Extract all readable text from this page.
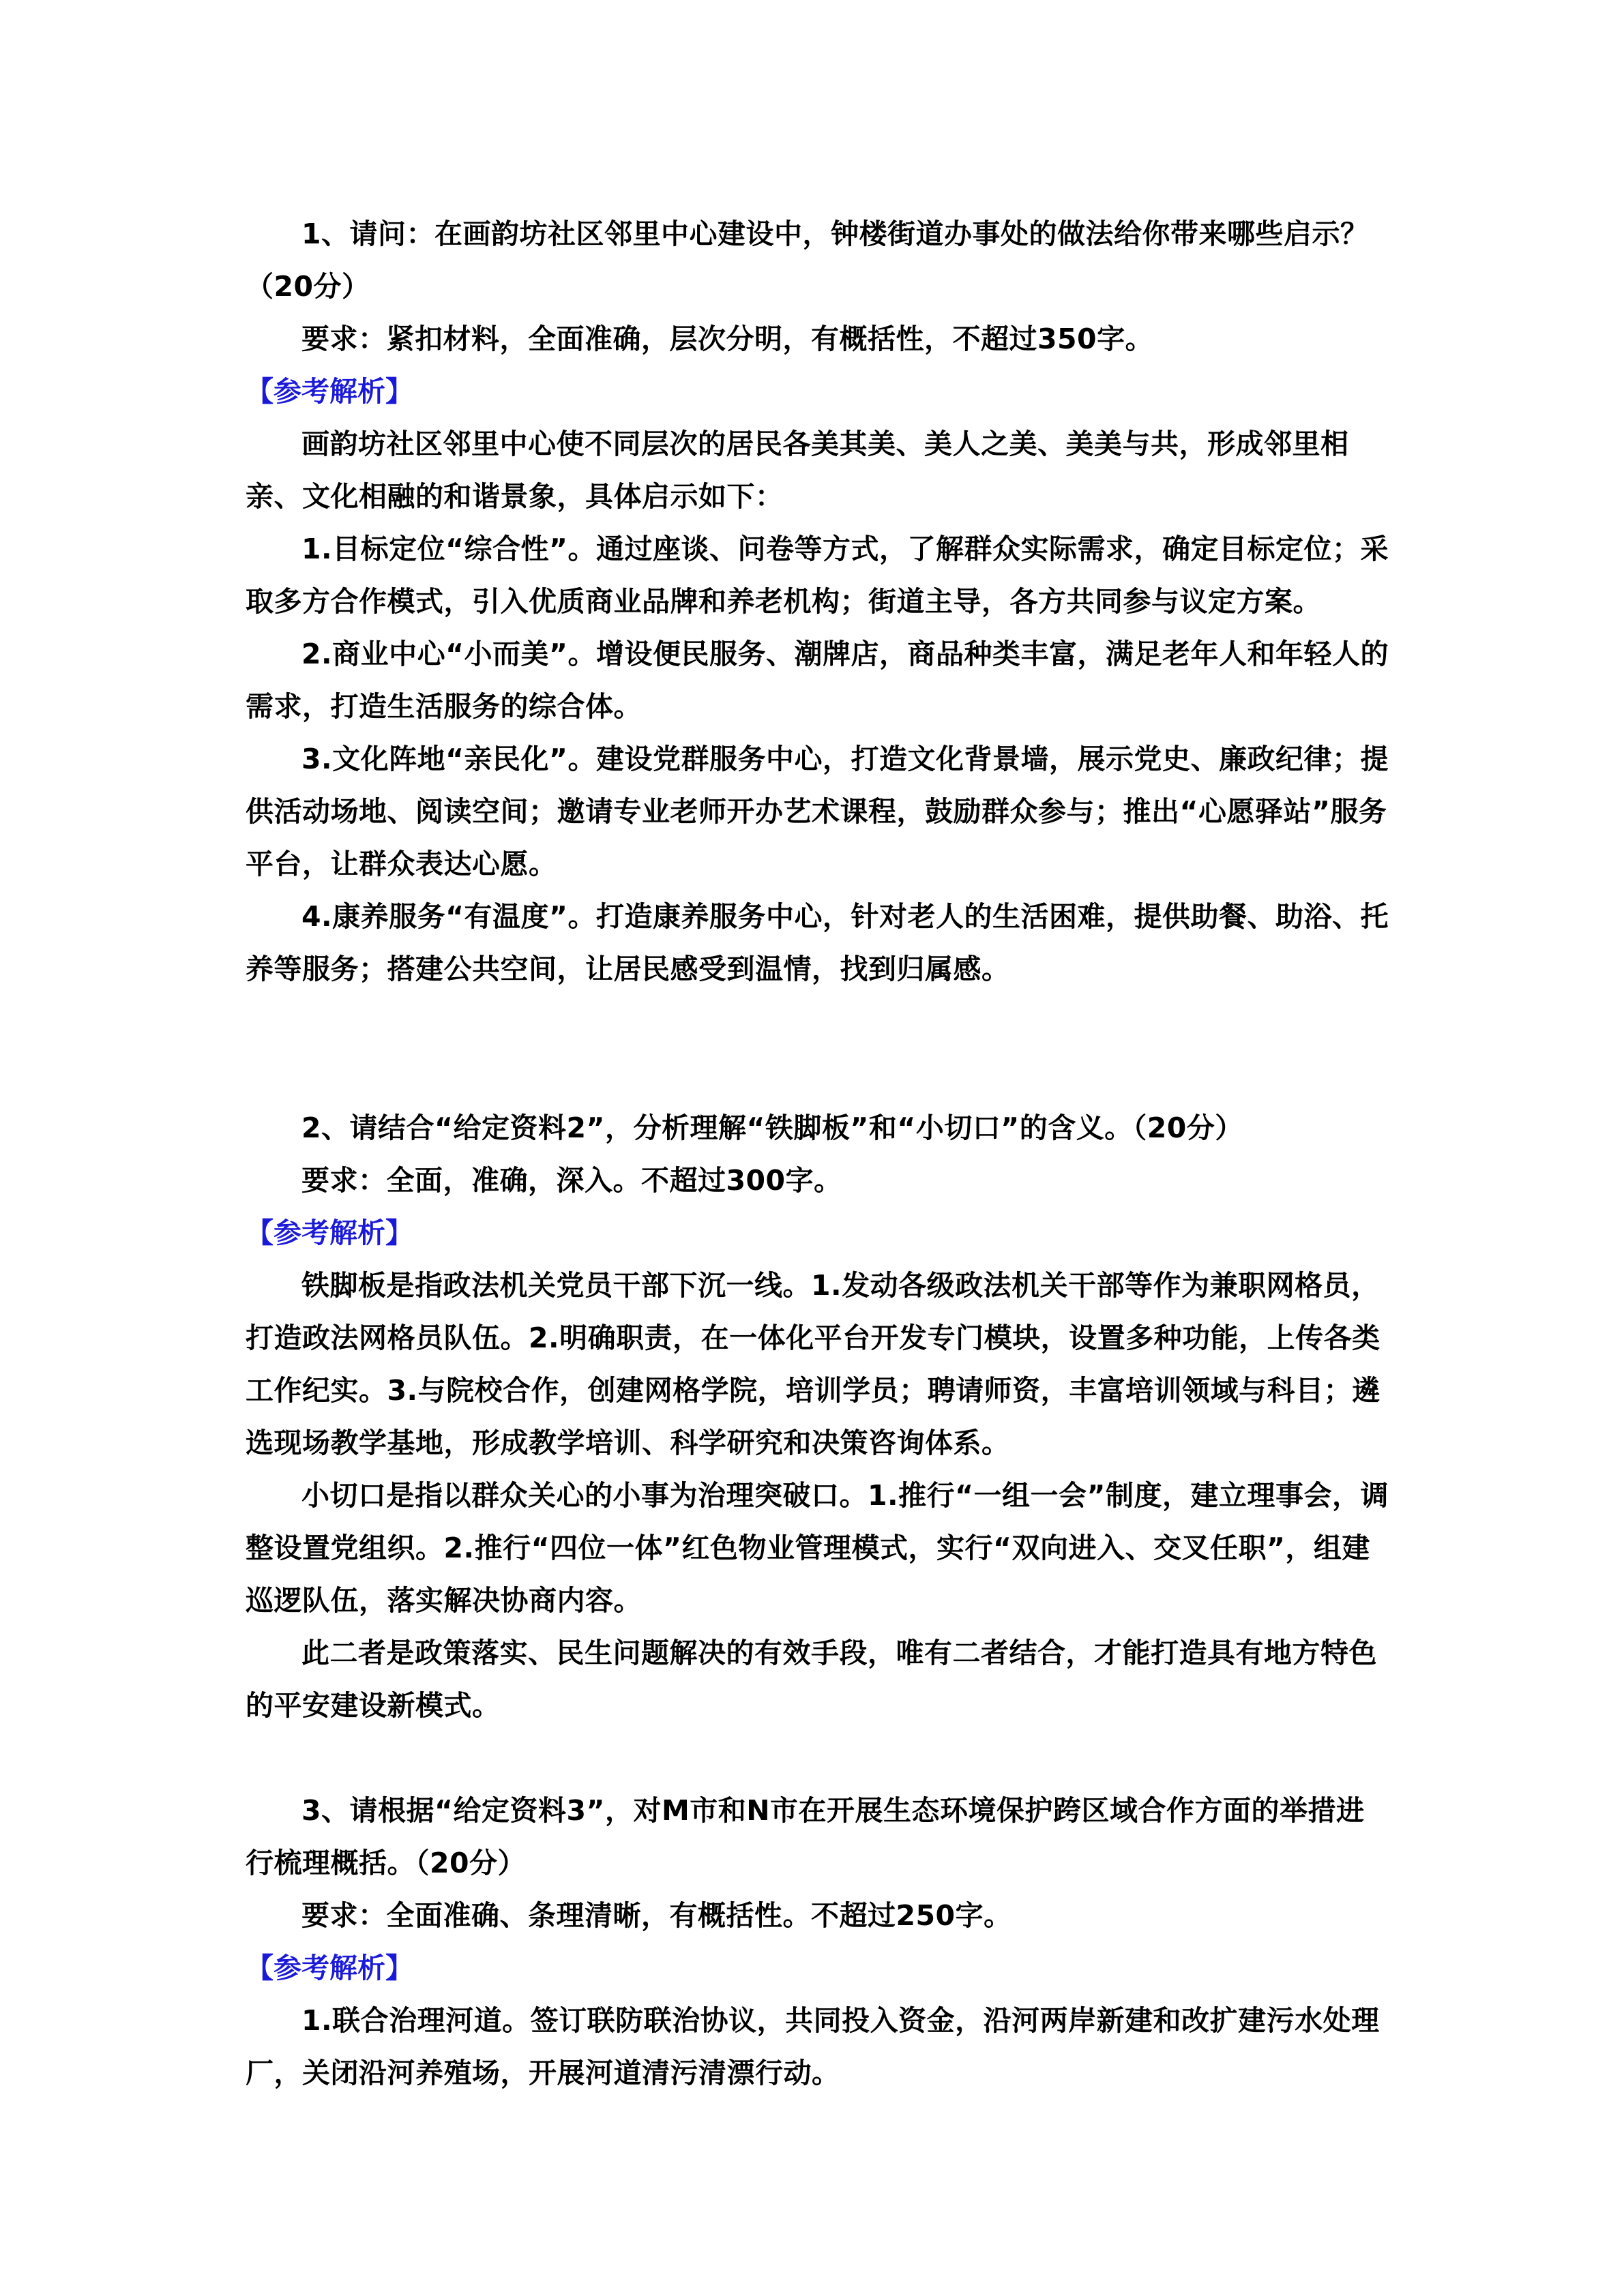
1、请问：在画韵坊社区邻里中心建设中，钟楼街道办事处的做法给你带来哪些启示？（20分）

要求：紧扣材料，全面准确，层次分明，有概括性，不超过350字。

【参考解析】

画韵坊社区邻里中心使不同层次的居民各美其美、美人之美、美美与共，形成邻里相亲、文化相融的和谐景象，具体启示如下：

1.目标定位“综合性”。通过座谈、问卷等方式，了解群众实际需求，确定目标定位；采取多方合作模式，引入优质商业品牌和养老机构；街道主导，各方共同参与议定方案。

2.商业中心“小而美”。增设便民服务、潮牌店，商品种类丰富，满足老年人和年轻人的需求，打造生活服务的综合体。

3.文化阵地“亲民化”。建设党群服务中心，打造文化背景墙，展示党史、廉政纪律；提供活动场地、阅读空间；邀请专业老师开办艺术课程，鼓励群众参与；推出“心愿驿站”服务平台，让群众表达心愿。

4.康养服务“有温度”。打造康养服务中心，针对老人的生活困难，提供助餐、助浴、托养等服务；搭建公共空间，让居民感受到温情，找到归属感。

2、请结合“给定资料2”，分析理解“铁脚板”和“小切口”的含义。（20分）

要求：全面，准确，深入。不超过300字。

【参考解析】

铁脚板是指政法机关党员干部下沉一线。1.发动各级政法机关干部等作为兼职网格员，打造政法网格员队伍。2.明确职责，在一体化平台开发专门模块，设置多种功能，上传各类工作纪实。3.与院校合作，创建网格学院，培训学员；聘请师资，丰富培训领域与科目；遴选现场教学基地，形成教学培训、科学研究和决策咨询体系。

小切口是指以群众关心的小事为治理突破口。1.推行“一组一会”制度，建立理事会，调整设置党组织。2.推行“四位一体”红色物业管理模式，实行“双向进入、交叉任职”，组建巡逻队伍，落实解决协商内容。

此二者是政策落实、民生问题解决的有效手段，唯有二者结合，才能打造具有地方特色的平安建设新模式。

3、请根据“给定资料3”，对M市和N市在开展生态环境保护跨区域合作方面的举措进行梳理概括。（20分）

要求：全面准确、条理清晰，有概括性。不超过250字。

【参考解析】

1.联合治理河道。签订联防联治协议，共同投入资金，沿河两岸新建和改扩建污水处理厂，关闭沿河养殖场，开展河道清污清漂行动。
